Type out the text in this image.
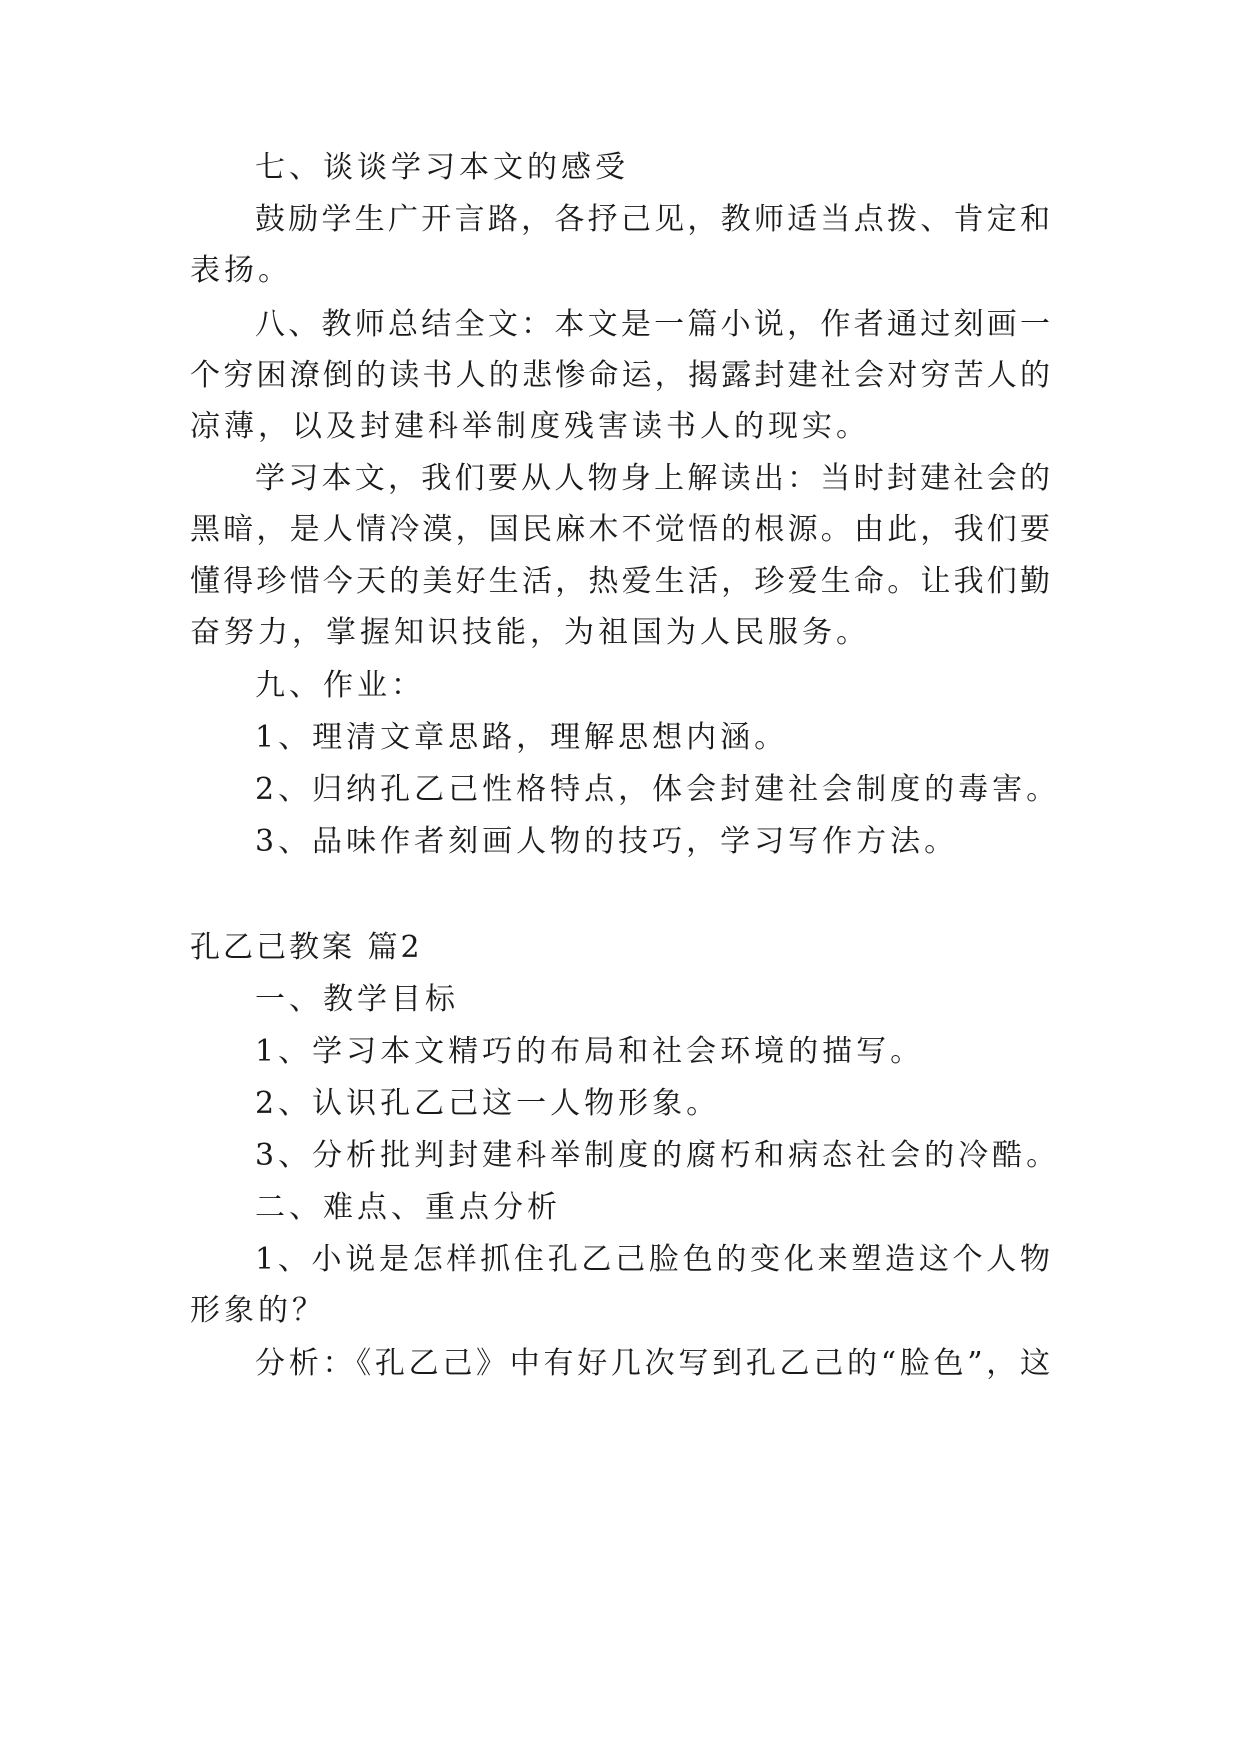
七、谈谈学习本文的感受
鼓励学生广开言路，各抒己见，教师适当点拨、肯定和
表扬。
八、教师总结全文：本文是一篇小说，作者通过刻画一
个穷困潦倒的读书人的悲惨命运，揭露封建社会对穷苦人的
凉薄，以及封建科举制度残害读书人的现实。
学习本文，我们要从人物身上解读出：当时封建社会的
黑暗，是人情冷漠，国民麻木不觉悟的根源。由此，我们要
懂得珍惜今天的美好生活，热爱生活，珍爱生命。让我们勤
奋努力，掌握知识技能，为祖国为人民服务。
九、作业：
1、理清文章思路，理解思想内涵。
2、归纳孔乙己性格特点，体会封建社会制度的毒害。
3、品味作者刻画人物的技巧，学习写作方法。
孔乙己教案 篇2
一、教学目标
1、学习本文精巧的布局和社会环境的描写。
2、认识孔乙己这一人物形象。
3、分析批判封建科举制度的腐朽和病态社会的冷酷。
二、难点、重点分析
1、小说是怎样抓住孔乙己脸色的变化来塑造这个人物
形象的？
分析：《孔乙己》中有好几次写到孔乙己的“脸色”，这
